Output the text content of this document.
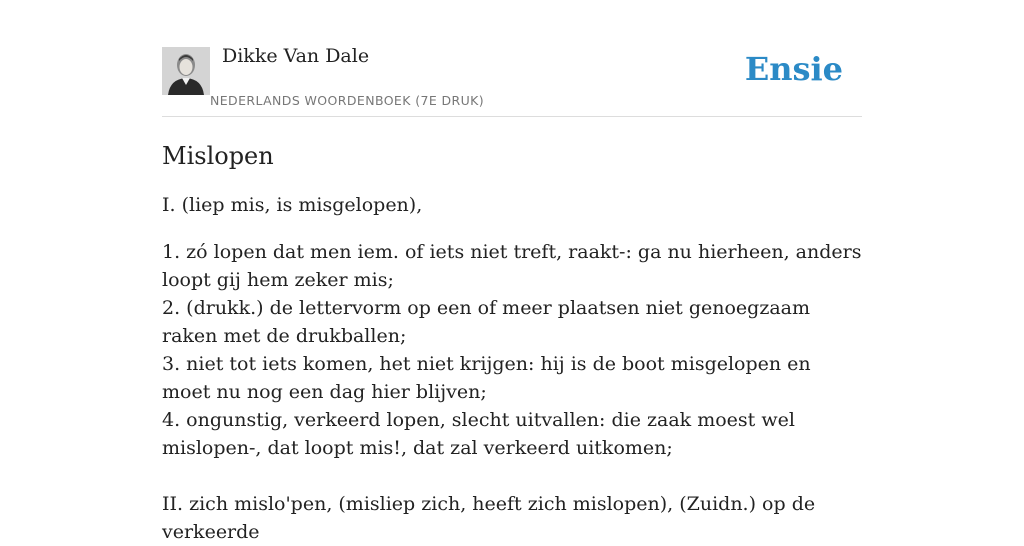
Dikke Van Dale
NEDERLANDS WOORDENBOEK (7E DRUK)
Ensie
Mislopen
I. (liep mis, is misgelopen),
1. zó lopen dat men iem. of iets niet treft, raakt-: ga nu hierheen, anders loopt gij hem zeker mis;
2. (drukk.) de lettervorm op een of meer plaatsen niet genoegzaam raken met de drukballen;
3. niet tot iets komen, het niet krijgen: hij is de boot misgelopen en moet nu nog een dag hier blijven;
4. ongunstig, verkeerd lopen, slecht uitvallen: die zaak moest wel mislopen-, dat loopt mis!, dat zal verkeerd uitkomen;
II. zich mislo'pen, (misliep zich, heeft zich mislopen), (Zuidn.) op de verkeerde
